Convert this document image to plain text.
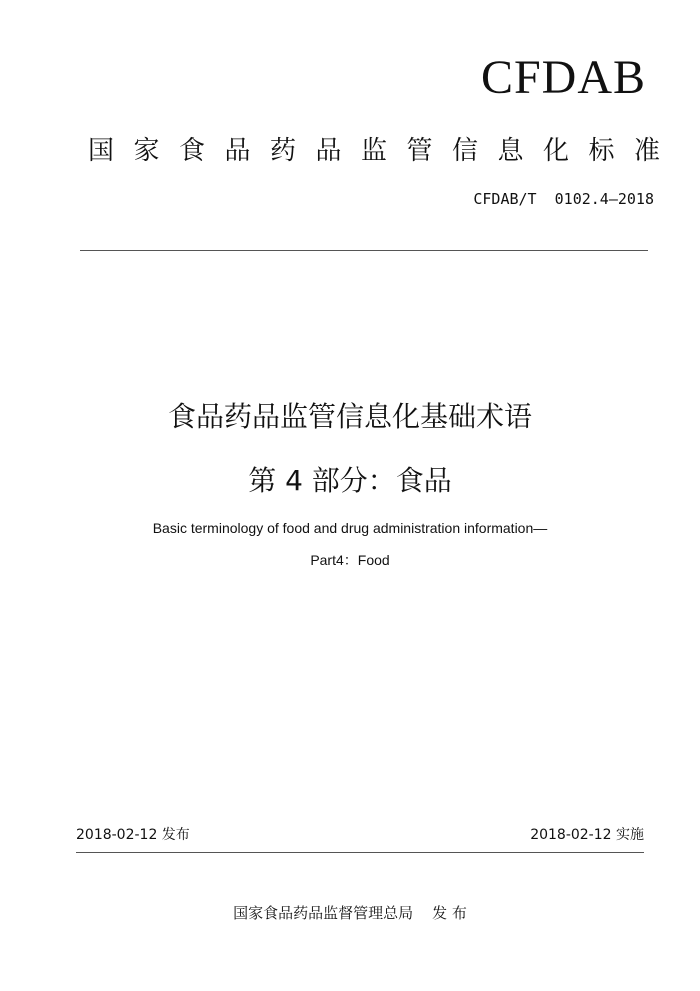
CFDAB
国家食品药品监管信息化标准
CFDAB/T  0102.4—2018
食品药品监管信息化基础术语
第 4 部分：食品
Basic terminology of food and drug administration information—
Part4：Food
2018-02-12 发布	2018-02-12 实施
国家食品药品监督管理总局    发 布
